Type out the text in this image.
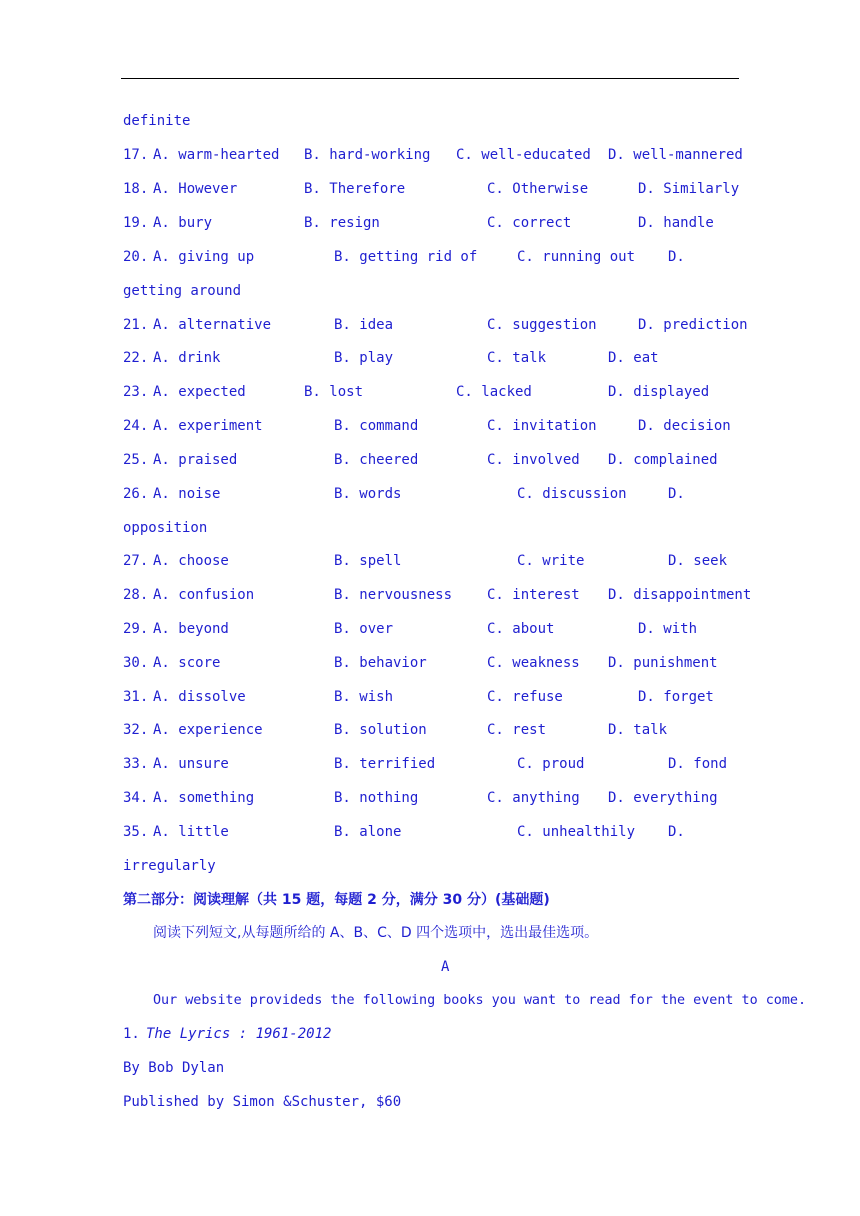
definite

17.

A. warm-hearted

B. hard-working

C. well-educated

D. well-mannered

18.

A. However

	B. Therefore

	C. Otherwise

	D. Similarly

19.

A. bury

	B. resign

	C. correct

	D. handle

20.

A. giving up

	B. getting rid of

	C. running out

D.

getting around

21.

A. alternative

	B. idea

	C. suggestion

	D. prediction

22.

A. drink

	B. play

	C. talk

	D. eat

23.

A. expected

	B. lost

	C. lacked

	D. displayed

24.

A. experiment

	B. command

	C. invitation

	D. decision

25.

A. praised

	B. cheered

	C. involved

D. complained

26.

A. noise

	B. words

	C. discussion

	D.

opposition

27.

A. choose

	B. spell

	C. write

	D. seek

28.

A. confusion

	B. nervousness

C. interest

D. disappointment

29.

A. beyond

	B. over

	C. about

	D. with

30.

A. score

	B. behavior

	C. weakness

D. punishment

31.

A. dissolve

	B. wish

	C. refuse

	D. forget

32.

A. experience

	B. solution

	C. rest

	D. talk

33.

A. unsure

	B. terrified

	C. proud

	D. fond

34.

A. something

	B. nothing

	C. anything

D. everything

35.

A. little

	B. alone

	C. unhealthily

D.

irregularly
第二部分：阅读理解（共 15 题，每题 2 分，满分 30 分）(基础题)
阅读下列短文,从每题所给的 A、B、C、D 四个选项中，选出最佳选项。
A
Our website provideds the following books you want to read for the event to come.

1.

The Lyrics : 1961-2012

By Bob Dylan
Published by Simon &Schuster, $60
